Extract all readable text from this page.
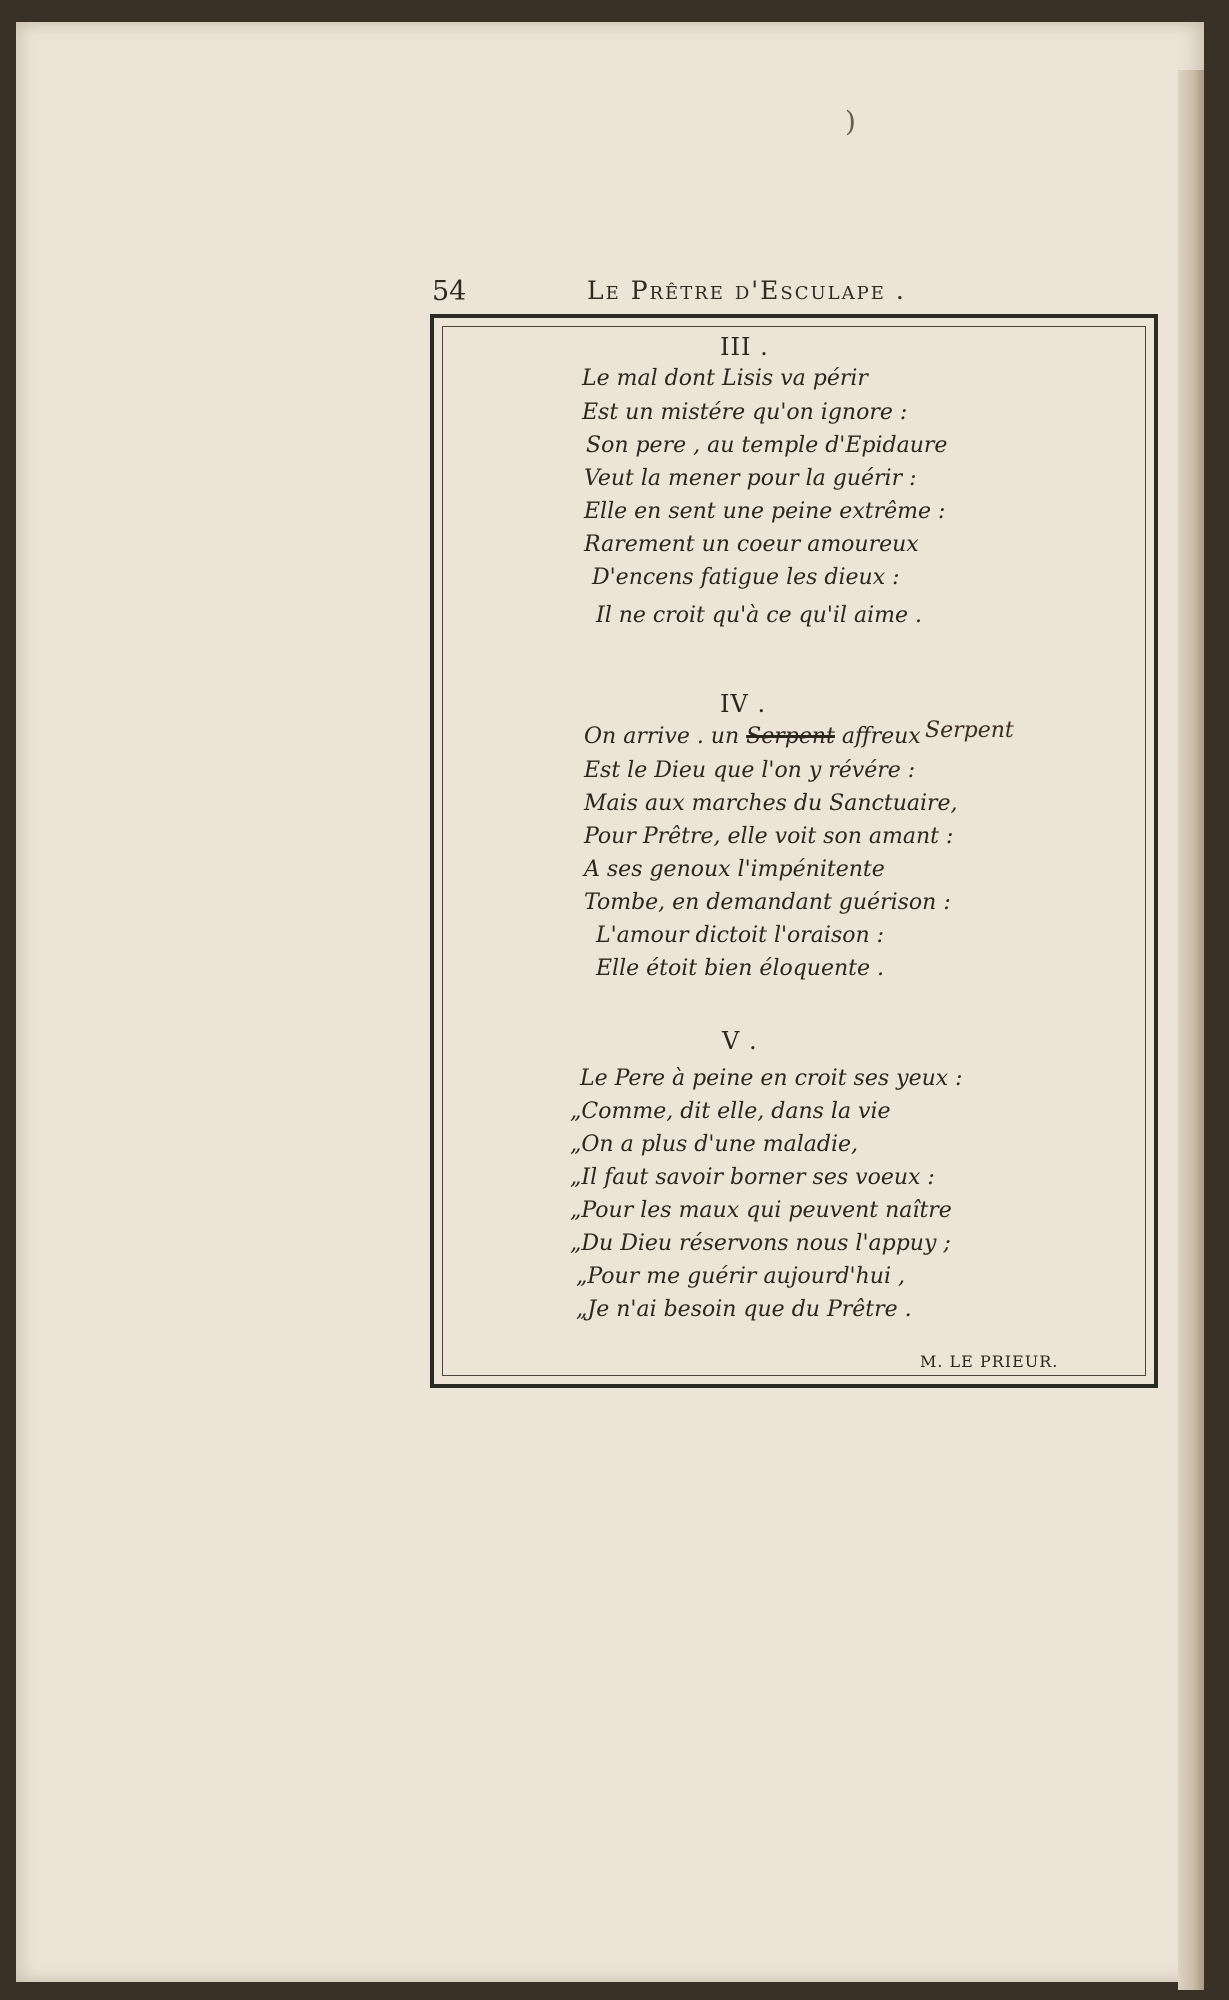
)
54	Le Prêtre d'Esculape .
III .
Le mal dont Lisis va périr
Est un mistére qu'on ignore :
Son pere , au temple d'Epidaure
Veut la mener pour la guérir :
Elle en sent une peine extrême :
Rarement un coeur amoureux
D'encens fatigue les dieux :
Il ne croit qu'à ce qu'il aime .
IV .
On arrive . un Serpent affreux Serpent
Est le Dieu que l'on y révére :
Mais aux marches du Sanctuaire,
Pour Prêtre, elle voit son amant :
A ses genoux l'impénitente
Tombe, en demandant guérison :
L'amour dictoit l'oraison :
Elle étoit bien éloquente .
V .
Le Pere à peine en croit ses yeux :
„Comme, dit elle, dans la vie
„On a plus d'une maladie,
„Il faut savoir borner ses voeux :
„Pour les maux qui peuvent naître
„Du Dieu réservons nous l'appuy ;
„Pour me guérir aujourd'hui ,
„Je n'ai besoin que du Prêtre .
M. LE PRIEUR.
